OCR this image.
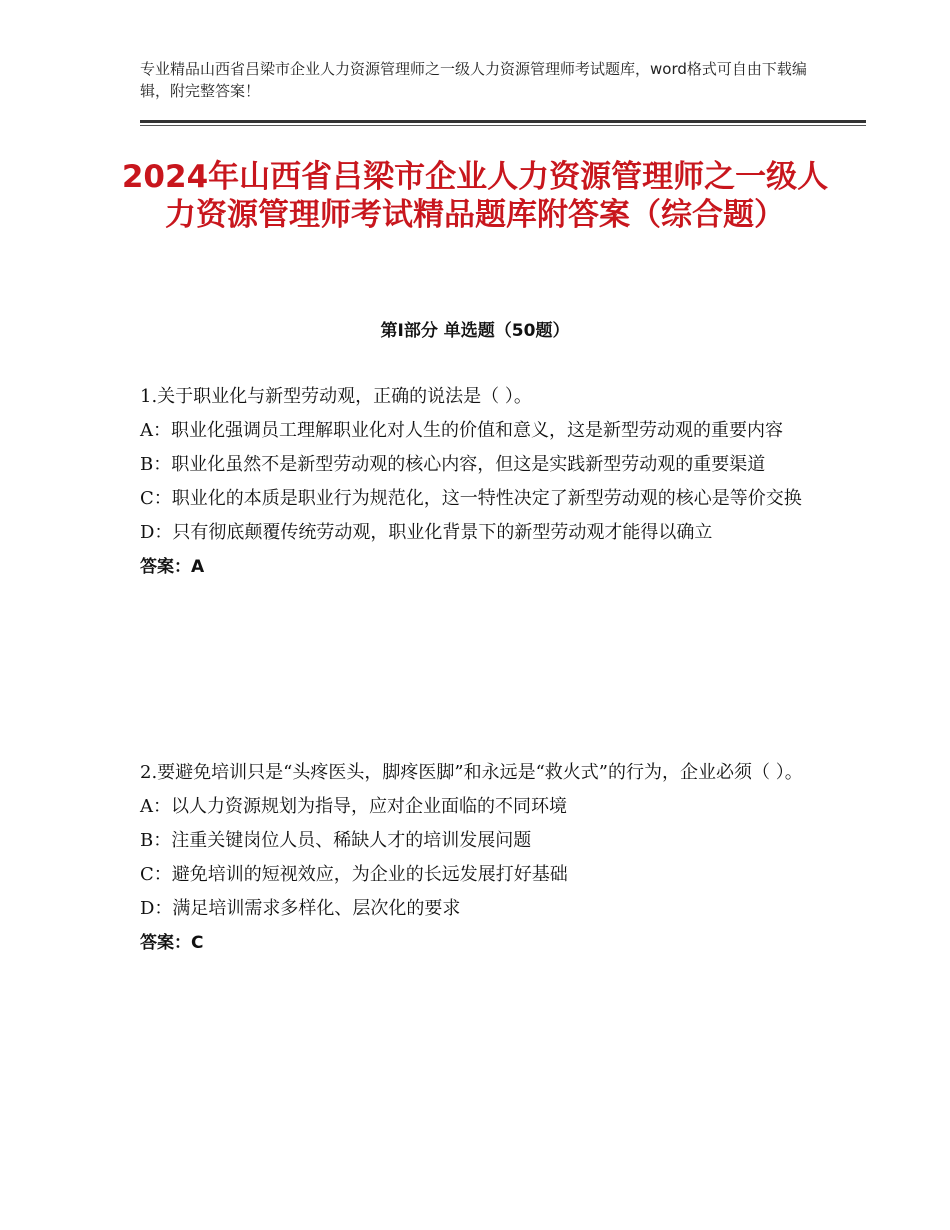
专业精品山西省吕梁市企业人力资源管理师之一级人力资源管理师考试题库，word格式可自由下载编辑，附完整答案！
2024年山西省吕梁市企业人力资源管理师之一级人力资源管理师考试精品题库附答案（综合题）
第Ⅰ部分 单选题（50题）

1.关于职业化与新型劳动观，正确的说法是（ ）。

A：职业化强调员工理解职业化对人生的价值和意义，这是新型劳动观的重要内容

B：职业化虽然不是新型劳动观的核心内容，但这是实践新型劳动观的重要渠道

C：职业化的本质是职业行为规范化，这一特性决定了新型劳动观的核心是等价交换

D：只有彻底颠覆传统劳动观，职业化背景下的新型劳动观才能得以确立

答案：A

2.要避免培训只是“头疼医头，脚疼医脚”和永远是“救火式”的行为，企业必须（ ）。

A：以人力资源规划为指导，应对企业面临的不同环境

B：注重关键岗位人员、稀缺人才的培训发展问题

C：避免培训的短视效应，为企业的长远发展打好基础

D：满足培训需求多样化、层次化的要求

答案：C
